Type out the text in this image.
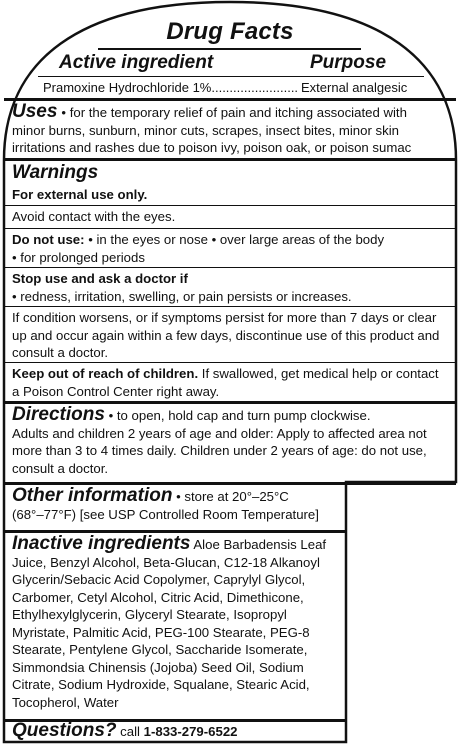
Drug Facts
Active ingredient	Purpose
Pramoxine Hydrochloride 1%........................ External analgesic
Uses • for the temporary relief of pain and itching associated with
minor burns, sunburn, minor cuts, scrapes, insect bites, minor skin
irritations and rashes due to poison ivy, poison oak, or poison sumac
Warnings
For external use only.
Avoid contact with the eyes.
Do not use: • in the eyes or nose • over large areas of the body
• for prolonged periods
Stop use and ask a doctor if
• redness, irritation, swelling, or pain persists or increases.
If condition worsens, or if symptoms persist for more than 7 days or clear
up and occur again within a few days, discontinue use of this product and
consult a doctor.
Keep out of reach of children. If swallowed, get medical help or contact
a Poison Control Center right away.
Directions • to open, hold cap and turn pump clockwise.
Adults and children 2 years of age and older: Apply to affected area not
more than 3 to 4 times daily. Children under 2 years of age: do not use,
consult a doctor.
Other information • store at 20°–25°C
(68°–77°F) [see USP Controlled Room Temperature]
Inactive ingredients Aloe Barbadensis Leaf
Juice, Benzyl Alcohol, Beta-Glucan, C12-18 Alkanoyl
Glycerin/Sebacic Acid Copolymer, Caprylyl Glycol,
Carbomer, Cetyl Alcohol, Citric Acid, Dimethicone,
Ethylhexylglycerin, Glyceryl Stearate, Isopropyl
Myristate, Palmitic Acid, PEG-100 Stearate, PEG-8
Stearate, Pentylene Glycol, Saccharide Isomerate,
Simmondsia Chinensis (Jojoba) Seed Oil, Sodium
Citrate, Sodium Hydroxide, Squalane, Stearic Acid,
Tocopherol, Water
Questions? call 1-833-279-6522
